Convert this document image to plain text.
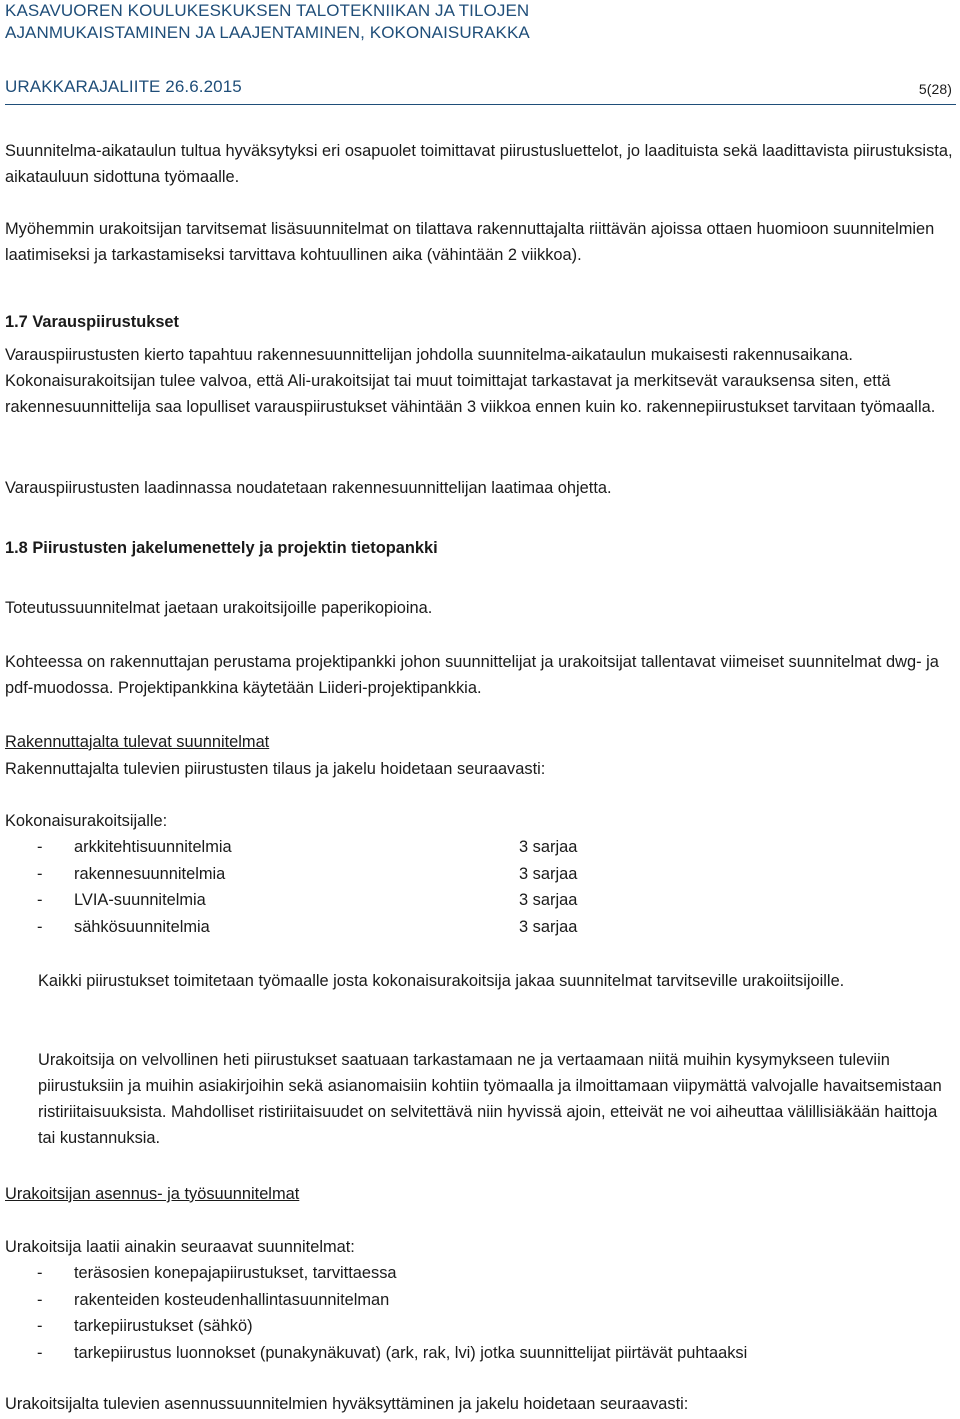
KASAVUOREN KOULUKESKUKSEN TALOTEKNIIKAN JA TILOJEN
AJANMUKAISTAMINEN JA LAAJENTAMINEN, KOKONAISURAKKA
URAKKARAJALIITE 26.6.2015	5(28)

Suunnitelma-aikataulun tultua hyväksytyksi eri osapuolet toimittavat piirustusluettelot, jo laadituista sekä laadittavista piirustuksista, aikatauluun sidottuna työmaalle.

Myöhemmin urakoitsijan tarvitsemat lisäsuunnitelmat on tilattava rakennuttajalta riittävän ajoissa ottaen huomioon suunnitelmien laatimiseksi ja tarkastamiseksi tarvittava kohtuullinen aika (vähintään 2 viikkoa).

1.7 Varauspiirustukset

Varauspiirustusten kierto tapahtuu rakennesuunnittelijan johdolla suunnitelma-aikataulun mukaisesti rakennusaikana. Kokonaisurakoitsijan tulee valvoa, että Ali-urakoitsijat tai muut toimittajat tarkastavat ja merkitsevät varauksensa siten, että rakennesuunnittelija saa lopulliset varauspiirustukset vähintään 3 viikkoa ennen kuin ko. rakennepiirustukset tarvitaan työmaalla.

Varauspiirustusten laadinnassa noudatetaan rakennesuunnittelijan laatimaa ohjetta.

1.8 Piirustusten jakelumenettely ja projektin tietopankki

Toteutussuunnitelmat jaetaan urakoitsijoille paperikopioina.

Kohteessa on rakennuttajan perustama projektipankki johon suunnittelijat ja urakoitsijat tallentavat viimeiset suunnitelmat dwg- ja pdf-muodossa. Projektipankkina käytetään Liideri-projektipankkia.

Rakennuttajalta tulevat suunnitelmat

Rakennuttajalta tulevien piirustusten tilaus ja jakelu hoidetaan seuraavasti:

Kokonaisurakoitsijalle:

- arkkitehtisuunnitelmia	3 sarjaa
- rakennesuunnitelmia	3 sarjaa
- LVIA-suunnitelmia	3 sarjaa
- sähkösuunnitelmia	3 sarjaa

Kaikki piirustukset toimitetaan työmaalle josta kokonaisurakoitsija jakaa suunnitelmat tarvitseville urakoiitsijoille.

Urakoitsija on velvollinen heti piirustukset saatuaan tarkastamaan ne ja vertaamaan niitä muihin kysymykseen tuleviin piirustuksiin ja muihin asiakirjoihin sekä asianomaisiin kohtiin työmaalla ja ilmoittamaan viipymättä valvojalle havaitsemistaan ristiriitaisuuksista. Mahdolliset ristiriitaisuudet on selvitettävä niin hyvissä ajoin, etteivät ne voi aiheuttaa välillisiäkään haittoja tai kustannuksia.

Urakoitsijan asennus- ja työsuunnitelmat

Urakoitsija laatii ainakin seuraavat suunnitelmat:

- teräsosien konepajapiirustukset, tarvittaessa
- rakenteiden kosteudenhallintasuunnitelman
- tarkepiirustukset (sähkö)
- tarkepiirustus luonnokset (punakynäkuvat) (ark, rak, lvi) jotka suunnittelijat piirtävät puhtaaksi

Urakoitsijalta tulevien asennussuunnitelmien hyväksyttäminen ja jakelu hoidetaan seuraavasti:
